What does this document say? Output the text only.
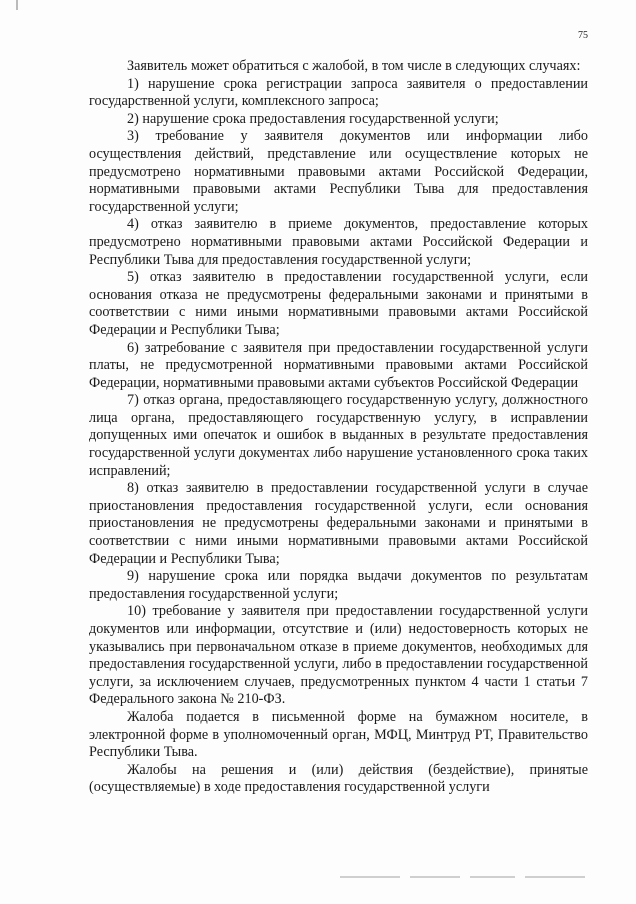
75

Заявитель может обратиться с жалобой, в том числе в следующих случаях:

1) нарушение срока регистрации запроса заявителя о предоставлении государственной услуги, комплексного запроса;

2) нарушение срока предоставления государственной услуги;

3) требование у заявителя документов или информации либо осуществления действий, представление или осуществление которых не предусмотрено нормативными правовыми актами Российской Федерации, нормативными правовыми актами Республики Тыва для предоставления государственной услуги;

4) отказ заявителю в приеме документов, предоставление которых предусмотрено нормативными правовыми актами Российской Федерации и Республики Тыва для предоставления государственной услуги;

5) отказ заявителю в предоставлении государственной услуги, если основания отказа не предусмотрены федеральными законами и принятыми в соответствии с ними иными нормативными правовыми актами Российской Федерации и Республики Тыва;

6) затребование с заявителя при предоставлении государственной услуги платы, не предусмотренной нормативными правовыми актами Российской Федерации, нормативными правовыми актами субъектов Российской Федерации

7) отказ органа, предоставляющего государственную услугу, должностного лица органа, предоставляющего государственную услугу, в исправлении допущенных ими опечаток и ошибок в выданных в результате предоставления государственной услуги документах либо нарушение установленного срока таких исправлений;

8) отказ заявителю в предоставлении государственной услуги в случае приостановления предоставления государственной услуги, если основания приостановления не предусмотрены федеральными законами и принятыми в соответствии с ними иными нормативными правовыми актами Российской Федерации и Республики Тыва;

9) нарушение срока или порядка выдачи документов по результатам предоставления государственной услуги;

10) требование у заявителя при предоставлении государственной услуги документов или информации, отсутствие и (или) недостоверность которых не указывались при первоначальном отказе в приеме документов, необходимых для предоставления государственной услуги, либо в предоставлении государственной услуги, за исключением случаев, предусмотренных пунктом 4 части 1 статьи 7 Федерального закона № 210-ФЗ.

Жалоба подается в письменной форме на бумажном носителе, в электронной форме в уполномоченный орган, МФЦ, Минтруд РТ, Правительство Республики Тыва.

Жалобы на решения и (или) действия (бездействие), принятые (осуществляемые) в ходе предоставления государственной услуги
